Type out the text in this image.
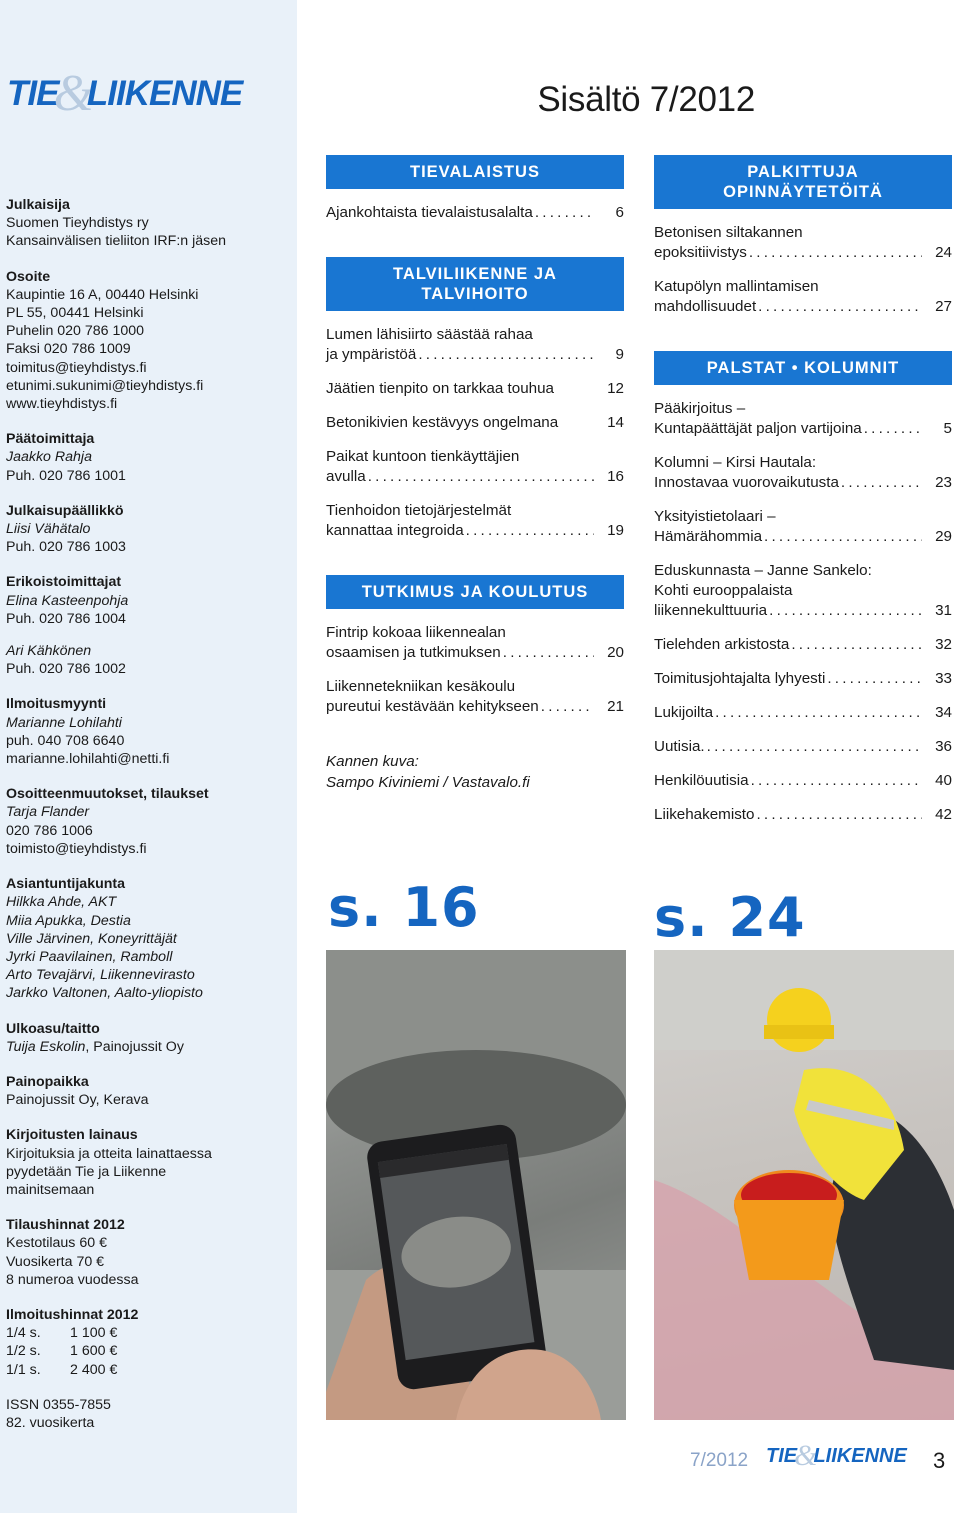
TIE
&
LIIKENNE
Julkaisija
Suomen Tieyhdistys ry
Kansainvälisen tieliiton IRF:n jäsen
Osoite
Kaupintie 16 A, 00440 Helsinki
PL 55, 00441 Helsinki
Puhelin 020 786 1000
Faksi 020 786 1009
toimitus@tieyhdistys.fi
etunimi.sukunimi@tieyhdistys.fi
www.tieyhdistys.fi
Päätoimittaja
Jaakko Rahja
Puh. 020 786 1001
Julkaisupäällikkö
Liisi Vähätalo
Puh. 020 786 1003
Erikoistoimittajat
Elina Kasteenpohja
Puh. 020 786 1004
Ari Kähkönen
Puh. 020 786 1002
Ilmoitusmyynti
Marianne Lohilahti
puh. 040 708 6640
marianne.lohilahti@netti.fi
Osoitteenmuutokset, tilaukset
Tarja Flander
020 786 1006
toimisto@tieyhdistys.fi
Asiantuntijakunta
Hilkka Ahde, AKT
Miia Apukka, Destia
Ville Järvinen, Koneyrittäjät
Jyrki Paavilainen, Ramboll
Arto Tevajärvi, Liikennevirasto
Jarkko Valtonen, Aalto-yliopisto
Ulkoasu/taitto
Tuija Eskolin, Painojussit Oy
Painopaikka
Painojussit Oy, Kerava
Kirjoitusten lainaus
Kirjoituksia ja otteita lainattaessa
pyydetään Tie ja Liikenne
mainitsemaan
Tilaushinnat 2012
Kestotilaus 60 €
Vuosikerta 70 €
8 numeroa vuodessa
Ilmoitushinnat 2012
1/4 s.	1 100 €
1/2 s.	1 600 €
1/1 s.	2 400 €
ISSN 0355-7855
82. vuosikerta
Sisältö 7/2012
TIEVALAISTUS
Ajankohtaista tievalaistusalalta . . .	6
TALVILIIKENNE JA
TALVIHOITO
Lumen lähisiirto säästää rahaa
ja ympäristöä . . .	9
Jäätien tienpito on tarkkaa touhua	12
Betonikivien kestävyys ongelmana	14
Paikat kuntoon tienkäyttäjien
avulla . . .	16
Tienhoidon tietojärjestelmät
kannattaa integroida . . .	19
TUTKIMUS JA KOULUTUS
Fintrip kokoaa liikennealan
osaamisen ja tutkimuksen . . .	20
Liikennetekniikan kesäkoulu
pureutui kestävään kehitykseen . . .	21
Kannen kuva:
Sampo Kiviniemi / Vastavalo.fi
PALKITTUJA
OPINNÄYTETÖITÄ
Betonisen siltakannen
epoksitiivistys . . .	24
Katupölyn mallintamisen
mahdollisuudet . . .	27
PALSTAT • KOLUMNIT
Pääkirjoitus –
Kuntapäättäjät paljon vartijoina . . .	5
Kolumni – Kirsi Hautala:
Innostavaa vuorovaikutusta . . .	23
Yksityistietolaari –
Hämärähommia . . .	29
Eduskunnasta – Janne Sankelo:
Kohti eurooppalaista
liikennekulttuuria . . .	31
Tielehden arkistosta . . .	32
Toimitusjohtajalta lyhyesti . . .	33
Lukijoilta . . .	34
Uutisia. . . .	36
Henkilöuutisia . . .	40
Liikehakemisto . . .	42
s. 16	s. 24
7/2012 TIE
&
LIIKENNE 3
